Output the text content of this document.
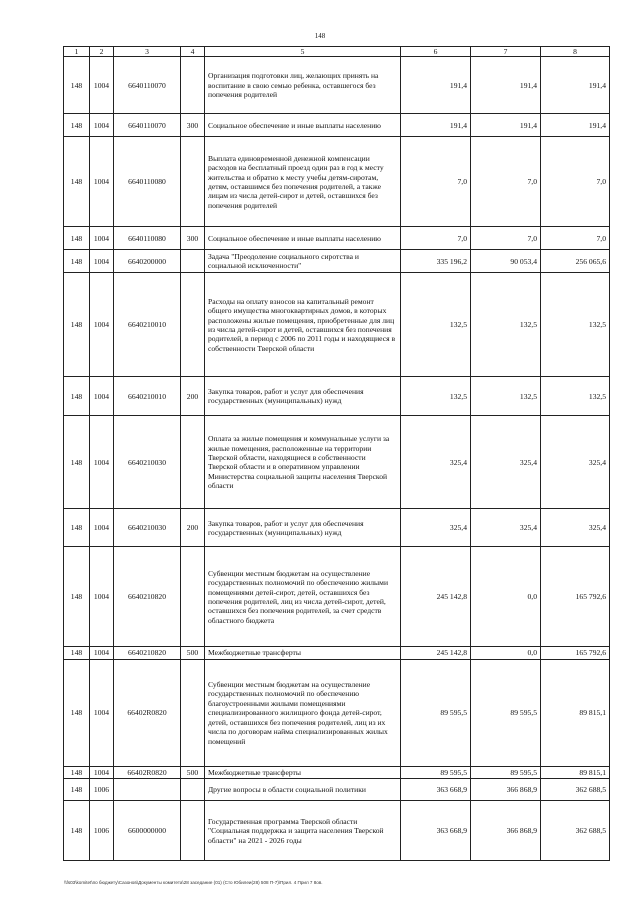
148
1	2	3	4	5	6	7	8
148	1004	6640110070		Организация подготовки лиц, желающих принять на воспитание в свою семью ребенка, оставшегося без попечения родителей	191,4	191,4	191,4
148	1004	6640110070	300	Социальное обеспечение и иные выплаты населению	191,4	191,4	191,4
148	1004	6640110080		Выплата единовременной денежной компенсации расходов на бесплатный проезд один раз в год к месту жительства и обратно к месту учебы детям-сиротам, детям, оставшимся без попечения родителей, а также лицам из числа детей-сирот и детей, оставшихся без попечения родителей	7,0	7,0	7,0
148	1004	6640110080	300	Социальное обеспечение и иные выплаты населению	7,0	7,0	7,0
148	1004	6640200000		Задача "Преодоление социального сиротства и социальной исключенности"	335 196,2	90 053,4	256 065,6
148	1004	6640210010		Расходы на оплату взносов на капитальный ремонт общего имущества многоквартирных домов, в которых расположены жилые помещения, приобретенные для лиц из числа детей-сирот и детей, оставшихся без попечения родителей, в период с 2006 по 2011 годы и находящиеся в собственности Тверской области	132,5	132,5	132,5
148	1004	6640210010	200	Закупка товаров, работ и услуг для обеспечения государственных (муниципальных) нужд	132,5	132,5	132,5
148	1004	6640210030		Оплата за жилые помещения и коммунальные услуги за жилые помещения, расположенные на территории Тверской области, находящиеся в собственности Тверской области и в оперативном управлении Министерства социальной защиты населения Тверской области	325,4	325,4	325,4
148	1004	6640210030	200	Закупка товаров, работ и услуг для обеспечения государственных (муниципальных) нужд	325,4	325,4	325,4
148	1004	6640210820		Субвенции местным бюджетам на осуществление государственных полномочий по обеспечению жилыми помещениями детей-сирот, детей, оставшихся без попечения родителей, лиц из числа детей-сирот, детей, оставшихся без попечения родителей, за счет средств областного бюджета	245 142,8	0,0	165 792,6
148	1004	6640210820	500	Межбюджетные трансферты	245 142,8	0,0	165 792,6
148	1004	66402R0820		Субвенции местным бюджетам на осуществление государственных полномочий по обеспечению благоустроенными жилыми помещениями специализированного жилищного фонда детей-сирот, детей, оставшихся без попечения родителей, лиц из их числа по договорам найма специализированных жилых помещений	89 595,5	89 595,5	89 815,1
148	1004	66402R0820	500	Межбюджетные трансферты	89 595,5	89 595,5	89 815,1
148	1006			Другие вопросы в области социальной политики	363 668,9	366 868,9	362 688,5
148	1006	6600000000		Государственная программа Тверской области "Социальная поддержка и защита населения Тверской области" на 2021 - 2026 годы	363 668,9	366 868,9	362 688,5
\\fs03\komitet\по бюджету\Сазонов\Документы комитета\28 заседание (01) (Сто Юбилеи(28) 508 П-7)\Прил. 4 Прил 7 8ов.
